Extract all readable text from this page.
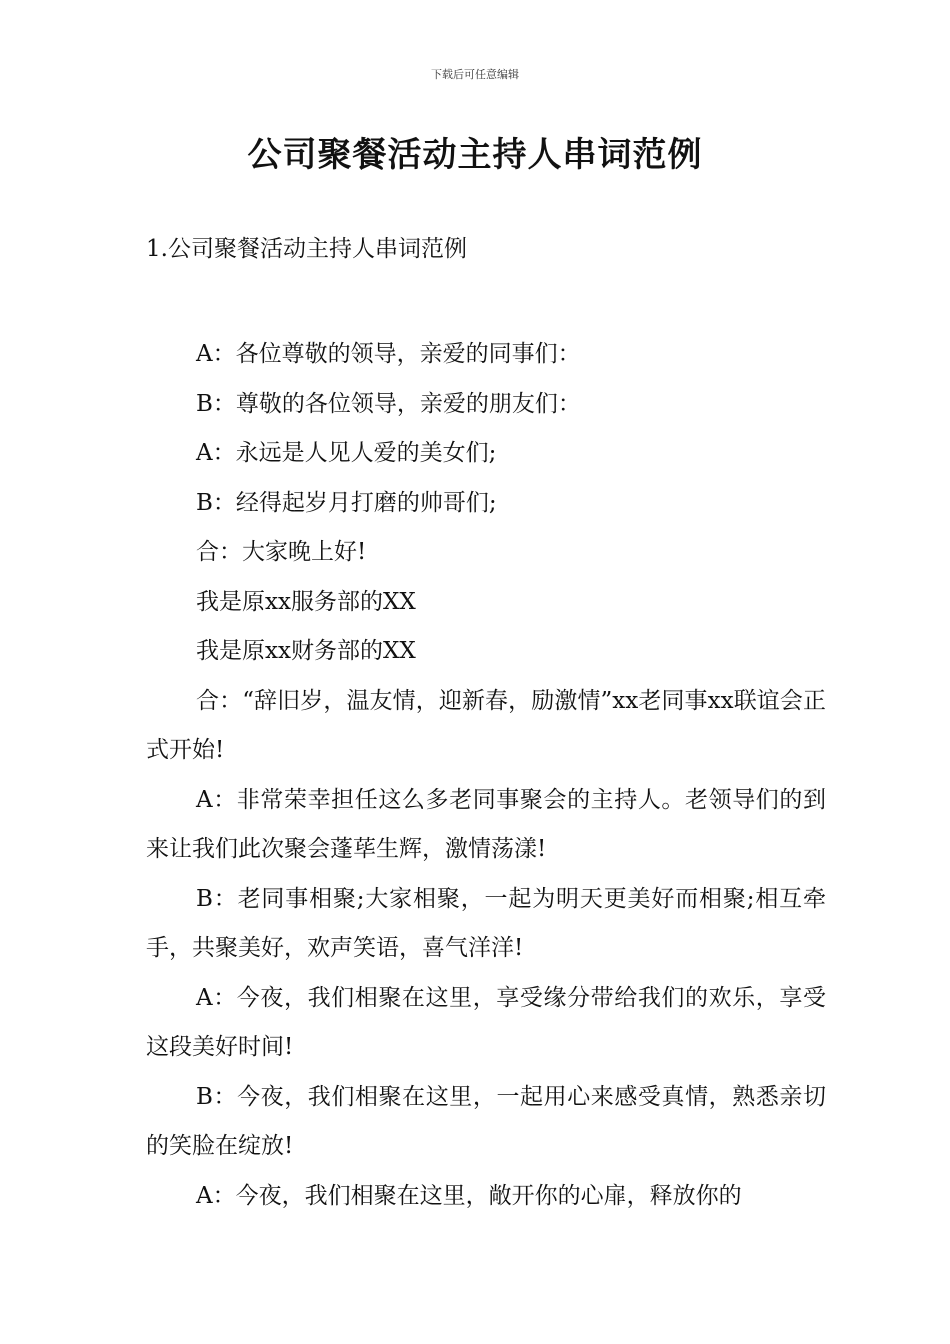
下载后可任意编辑
公司聚餐活动主持人串词范例
1.公司聚餐活动主持人串词范例

A：各位尊敬的领导，亲爱的同事们：

B：尊敬的各位领导，亲爱的朋友们：

A：永远是人见人爱的美女们;

B：经得起岁月打磨的帅哥们;

合：大家晚上好!

我是原xx服务部的XX

我是原xx财务部的XX

合：“辞旧岁，温友情，迎新春，励激情”xx老同事xx联谊会正式开始!

A：非常荣幸担任这么多老同事聚会的主持人。老领导们的到来让我们此次聚会蓬荜生辉，激情荡漾!

B：老同事相聚;大家相聚，一起为明天更美好而相聚;相互牵手，共聚美好，欢声笑语，喜气洋洋!

A：今夜，我们相聚在这里，享受缘分带给我们的欢乐，享受这段美好时间!

B：今夜，我们相聚在这里，一起用心来感受真情，熟悉亲切的笑脸在绽放!

A：今夜，我们相聚在这里，敞开你的心扉，释放你的
